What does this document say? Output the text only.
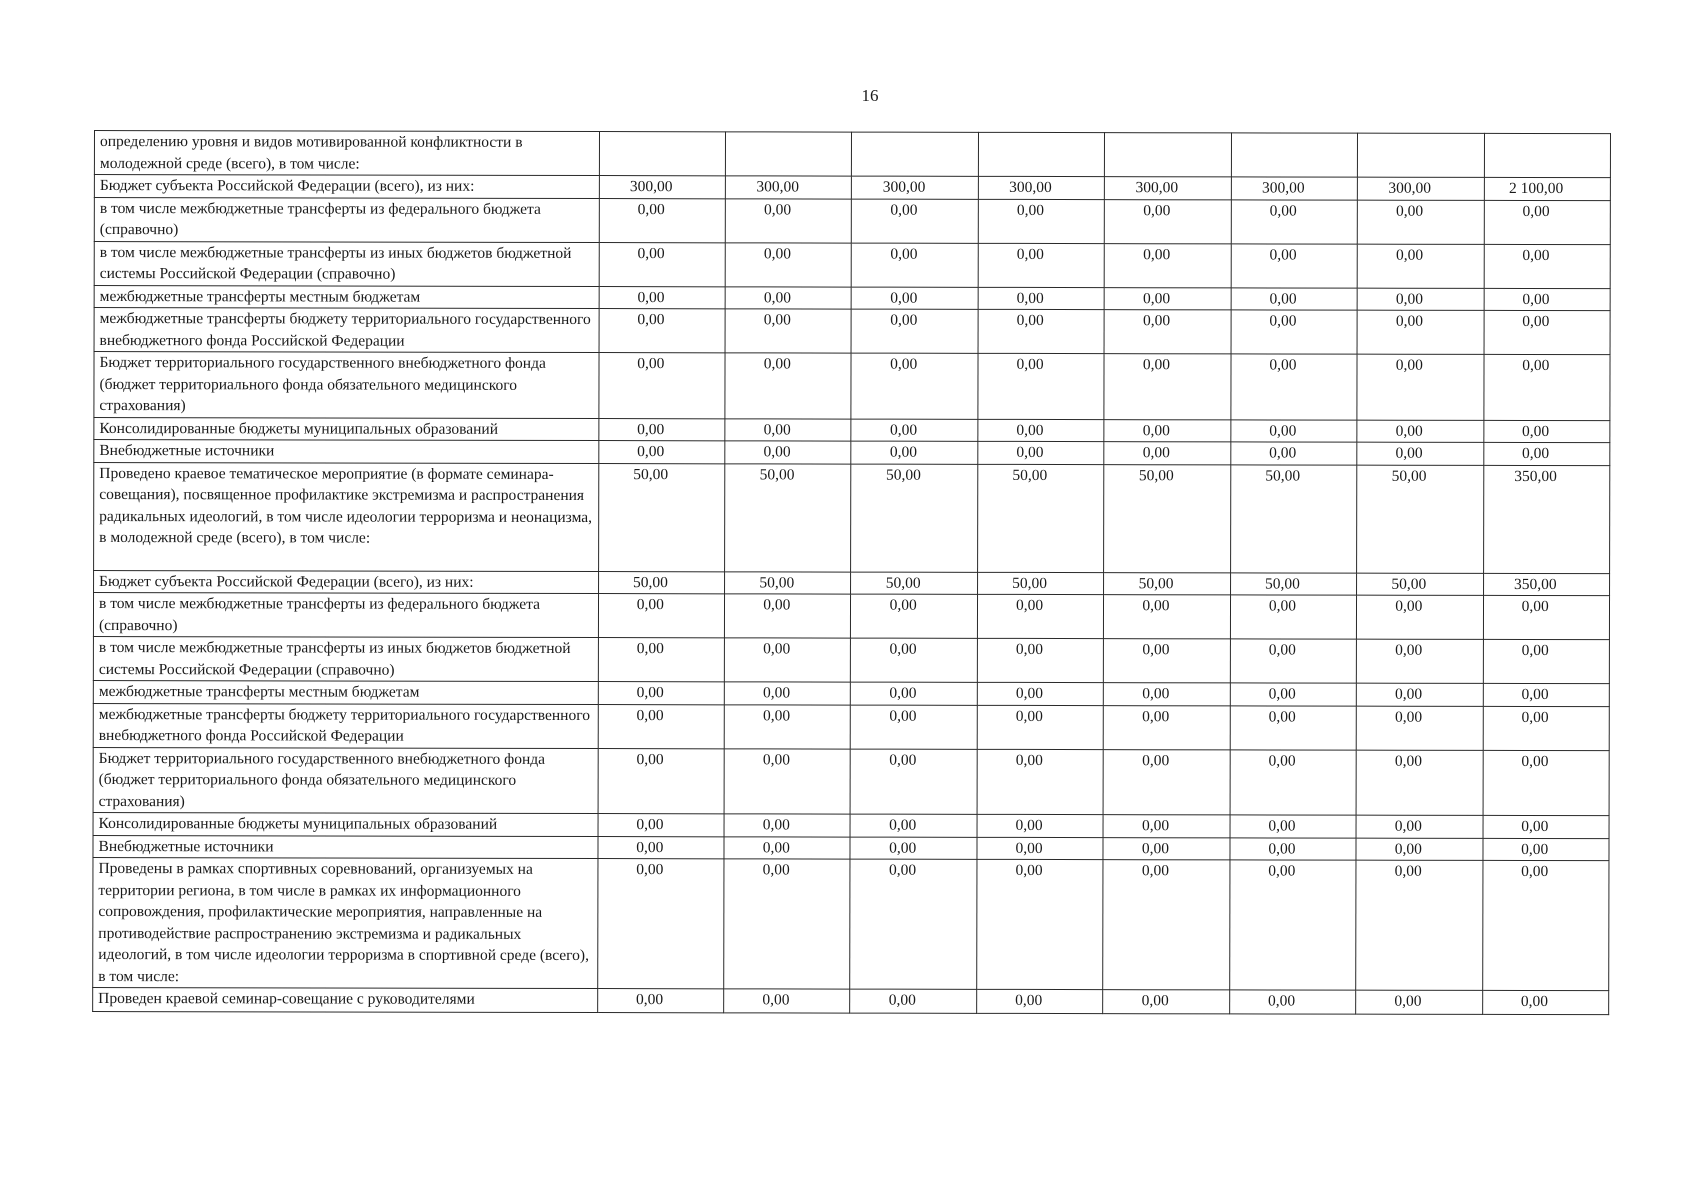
16
определению уровня и видов мотивированной конфликтности в молодежной среде (всего), в том числе:								
Бюджет субъекта Российской Федерации (всего), из них:	300,00	300,00	300,00	300,00	300,00	300,00	300,00	2 100,00
в том числе межбюджетные трансферты из федерального бюджета (справочно)	0,00	0,00	0,00	0,00	0,00	0,00	0,00	0,00
в том числе межбюджетные трансферты из иных бюджетов бюджетной системы Российской Федерации (справочно)	0,00	0,00	0,00	0,00	0,00	0,00	0,00	0,00
межбюджетные трансферты местным бюджетам	0,00	0,00	0,00	0,00	0,00	0,00	0,00	0,00
межбюджетные трансферты бюджету территориального государственного внебюджетного фонда Российской Федерации	0,00	0,00	0,00	0,00	0,00	0,00	0,00	0,00
Бюджет территориального государственного внебюджетного фонда (бюджет территориального фонда обязательного медицинского страхования)	0,00	0,00	0,00	0,00	0,00	0,00	0,00	0,00
Консолидированные бюджеты муниципальных образований	0,00	0,00	0,00	0,00	0,00	0,00	0,00	0,00
Внебюджетные источники	0,00	0,00	0,00	0,00	0,00	0,00	0,00	0,00
Проведено краевое тематическое мероприятие (в формате семинара-совещания), посвященное профилактике экстремизма и распространения радикальных идеологий, в том числе идеологии терроризма и неонацизма, в молодежной среде (всего), в том числе:	50,00	50,00	50,00	50,00	50,00	50,00	50,00	350,00
Бюджет субъекта Российской Федерации (всего), из них:	50,00	50,00	50,00	50,00	50,00	50,00	50,00	350,00
в том числе межбюджетные трансферты из федерального бюджета (справочно)	0,00	0,00	0,00	0,00	0,00	0,00	0,00	0,00
в том числе межбюджетные трансферты из иных бюджетов бюджетной системы Российской Федерации (справочно)	0,00	0,00	0,00	0,00	0,00	0,00	0,00	0,00
межбюджетные трансферты местным бюджетам	0,00	0,00	0,00	0,00	0,00	0,00	0,00	0,00
межбюджетные трансферты бюджету территориального государственного внебюджетного фонда Российской Федерации	0,00	0,00	0,00	0,00	0,00	0,00	0,00	0,00
Бюджет территориального государственного внебюджетного фонда (бюджет территориального фонда обязательного медицинского страхования)	0,00	0,00	0,00	0,00	0,00	0,00	0,00	0,00
Консолидированные бюджеты муниципальных образований	0,00	0,00	0,00	0,00	0,00	0,00	0,00	0,00
Внебюджетные источники	0,00	0,00	0,00	0,00	0,00	0,00	0,00	0,00
Проведены в рамках спортивных соревнований, организуемых на территории региона, в том числе в рамках их информационного сопровождения, профилактические мероприятия, направленные на противодействие распространению экстремизма и радикальных идеологий, в том числе идеологии терроризма в спортивной среде (всего), в том числе:	0,00	0,00	0,00	0,00	0,00	0,00	0,00	0,00
Проведен краевой семинар-совещание с руководителями	0,00	0,00	0,00	0,00	0,00	0,00	0,00	0,00
